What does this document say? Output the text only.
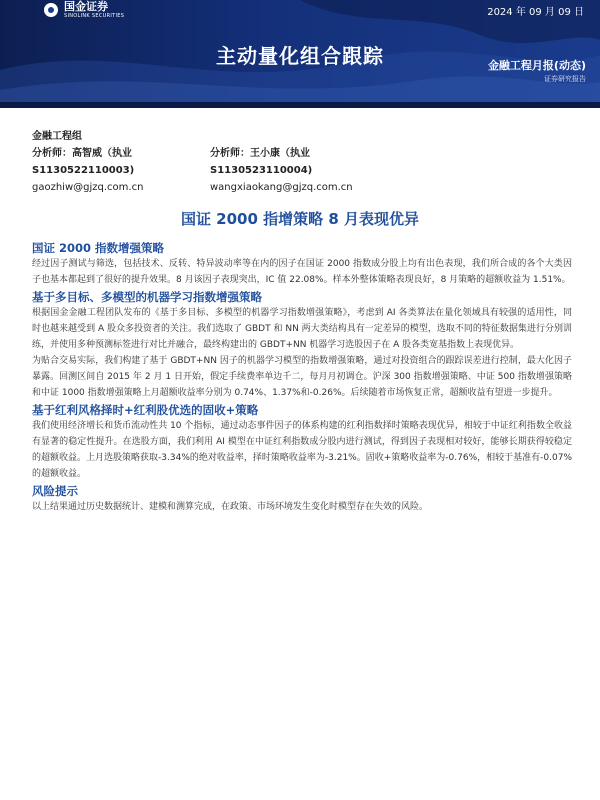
国金证券
SINOLINK SECURITIES	2024 年 09 月 09 日
主动量化组合跟踪	金融工程月报(动态)
证券研究报告
金融工程组
分析师：高智威（执业
S1130522110003)
gaozhiw@gjzq.com.cn
分析师：王小康（执业
S1130523110004)
wangxiaokang@gjzq.com.cn
国证 2000 指增策略 8 月表现优异
国证 2000 指数增强策略

经过因子测试与筛选，包括技术、反转、特异波动率等在内的因子在国证 2000 指数成分股上均有出色表现，我们所合成的各个大类因子也基本都起到了很好的提升效果。8 月该因子表现突出，IC 值 22.08%。样本外整体策略表现良好，8 月策略的超额收益为 1.51%。

基于多目标、多模型的机器学习指数增强策略

根据国金金融工程团队发布的《基于多目标、多模型的机器学习指数增强策略》，考虑到 AI 各类算法在量化领域具有较强的适用性，同时也越来越受到 A 股众多投资者的关注。我们选取了 GBDT 和 NN 两大类结构具有一定差异的模型，选取不同的特征数据集进行分别训练，并使用多种预测标签进行对比并融合，最终构建出的 GBDT+NN 机器学习选股因子在 A 股各类宽基指数上表现优异。

为贴合交易实际，我们构建了基于 GBDT+NN 因子的机器学习模型的指数增强策略，通过对投资组合的跟踪误差进行控制，最大化因子暴露。回测区间自 2015 年 2 月 1 日开始，假定手续费率单边千二，每月月初调仓。沪深 300 指数增强策略、中证 500 指数增强策略和中证 1000 指数增强策略上月超额收益率分别为 0.74%、1.37%和-0.26%。后续随着市场恢复正常，超额收益有望进一步提升。

基于红利风格择时+红利股优选的固收+策略

我们使用经济增长和货币流动性共 10 个指标，通过动态事件因子的体系构建的红利指数择时策略表现优异，相较于中证红利指数全收益有显著的稳定性提升。在选股方面，我们利用 AI 模型在中证红利指数成分股内进行测试，得到因子表现相对较好，能够长期获得较稳定的超额收益。上月选股策略获取-3.34%的绝对收益率，择时策略收益率为-3.21%。固收+策略收益率为-0.76%，相较于基准有-0.07%的超额收益。

风险提示

以上结果通过历史数据统计、建模和测算完成，在政策、市场环境发生变化时模型存在失效的风险。
